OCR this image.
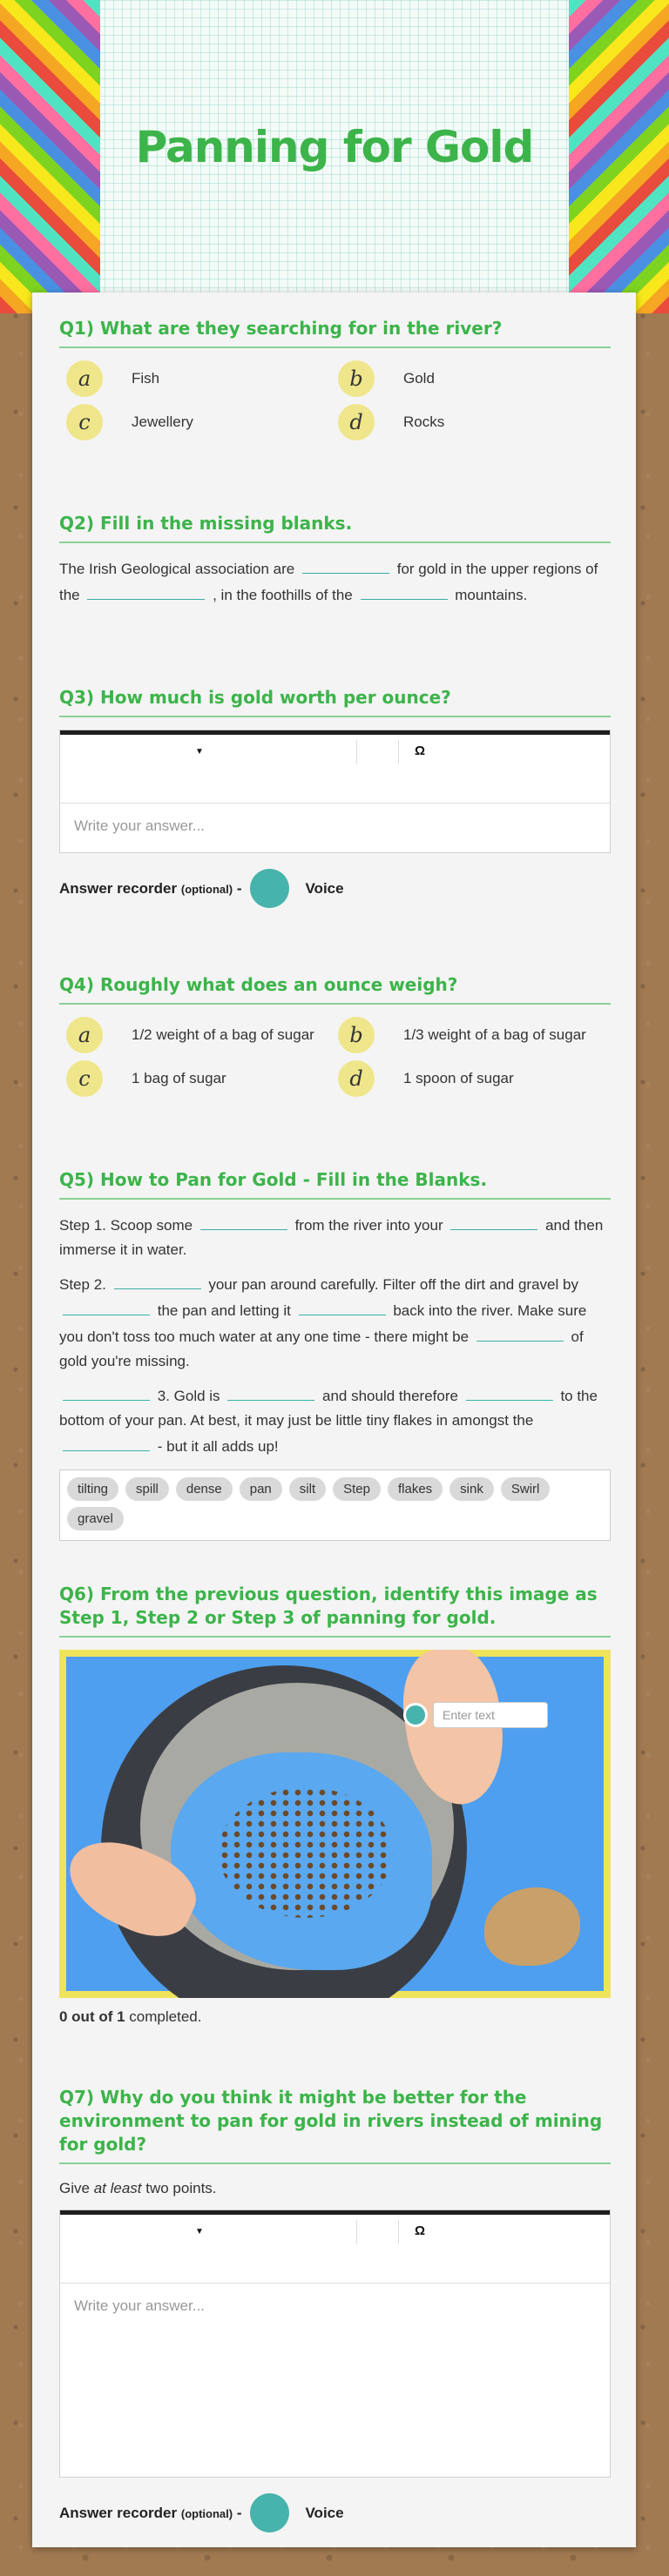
Panning for Gold
Q1) What are they searching for in the river?
a	Fish	b	Gold
c	Jewellery	d	Rocks
Q2) Fill in the missing blanks.

The Irish Geological association are	for gold in the upper regions of the	, in the foothills of the	mountains.

Q3) How much is gold worth per ounce?
▼	Ω
Write your answer...
Answer recorder (optional) -	Voice
Q4) Roughly what does an ounce weigh?
a	1/2 weight of a bag of sugar	b	1/3 weight of a bag of sugar
c	1 bag of sugar	d	1 spoon of sugar
Q5) How to Pan for Gold - Fill in the Blanks.

Step 1. Scoop some	from the river into your	and then immerse it in water.

Step 2.	your pan around carefully. Filter off the dirt and gravel by  the pan and letting it	back into the river. Make sure you don't toss too much water at any one time - there might be	of gold you're missing.

3. Gold is	and should therefore	to the bottom of your pan. At best, it may just be little tiny flakes in amongst the  - but it all adds up!

tilting	spill	dense	pan	silt	Step	flakes	sink	Swirl
gravel
Q6) From the previous question, identify this image as Step 1, Step 2 or Step 3 of panning for gold.
Enter text
0 out of 1 completed.
Q7) Why do you think it might be better for the environment to pan for gold in rivers instead of mining for gold?

Give at least two points.

▼	Ω
Write your answer...
Answer recorder (optional) -	Voice
